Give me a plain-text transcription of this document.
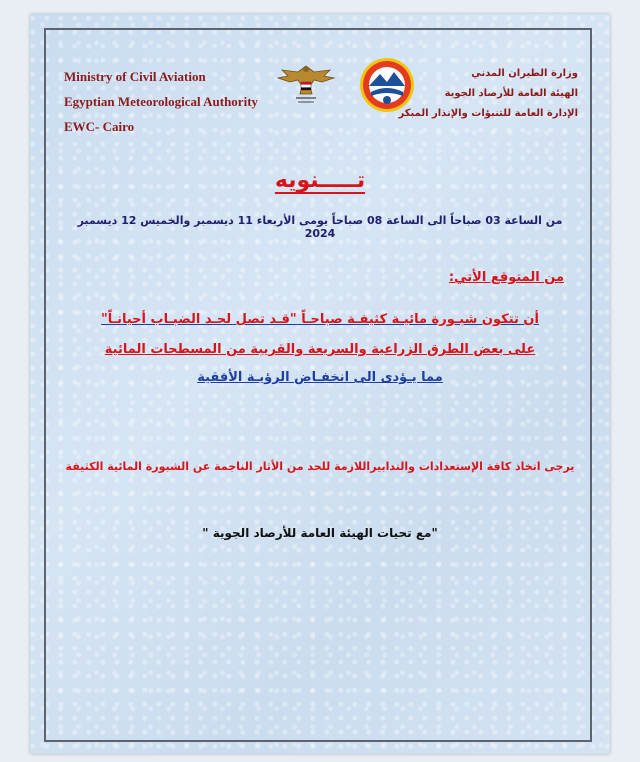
Ministry of Civil Aviation
Egyptian Meteorological Authority
EWC- Cairo
وزارة الطيران المدني
الهيئة العامة للأرصاد الجوية
الإدارة العامة للتنبؤات والإنذار المبكر
تـــــنويه
من الساعة 03 صباحاً الى الساعة 08 صباحاً يومى الأربعاء 11 ديسمبر والخميس 12 ديسمبر 2024
من المتوقع الأتي:
أن تتكون شبـورة مائيـة كثيفـة صباحـاً "قـد تصل لحـد الضبـاب أحيانـاً"
على بعض الطرق الزراعية والسريعة والقريبة من المسطحات المائية
مما يـؤدى الى انخفـاض الرؤيـة الأفقية
يرجى اتخاذ كافة الإستعدادات والتدابيراللازمة للحد من الأثار الناجمة عن الشبورة المائية الكثيفة
"مع تحيات الهيئة العامة للأرصاد الجوية "
